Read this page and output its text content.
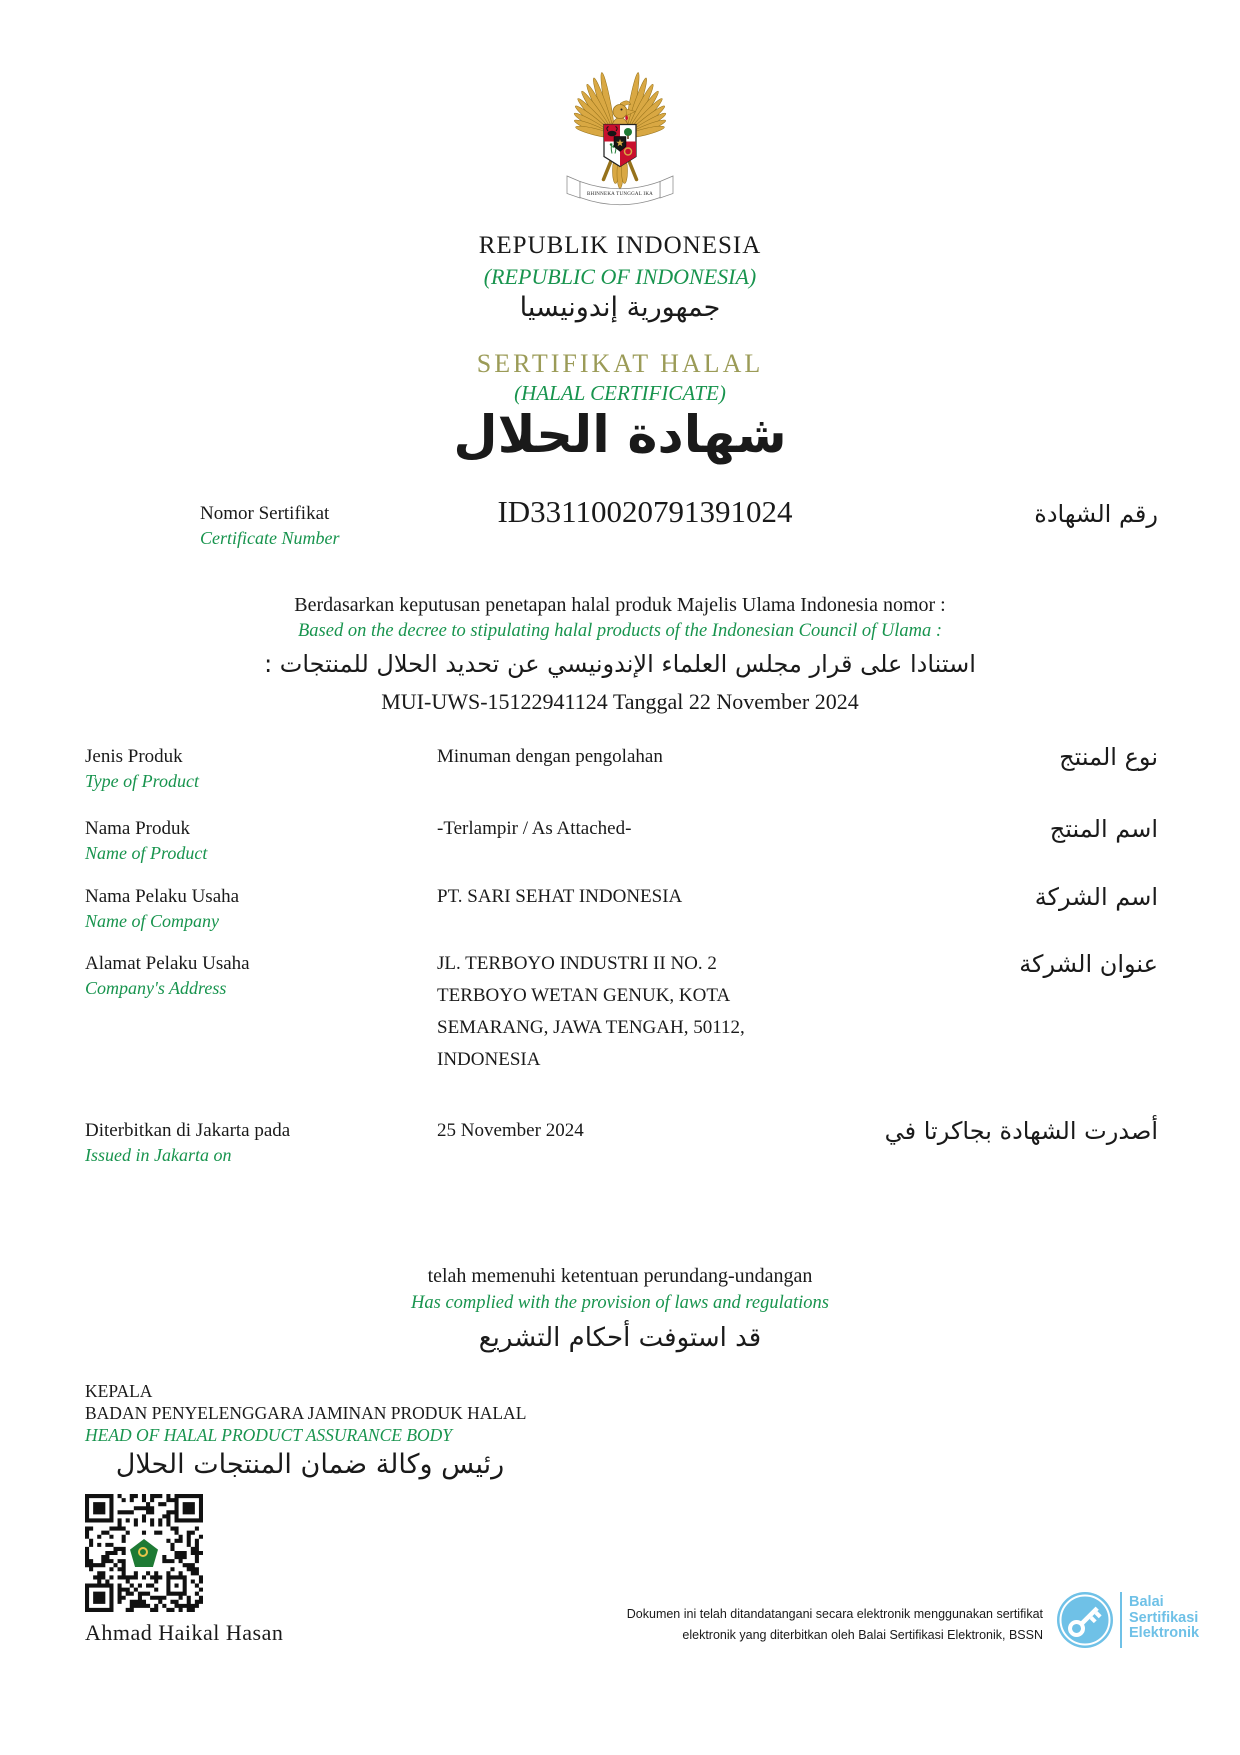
BHINNEKA TUNGGAL IKA
REPUBLIK INDONESIA
(REPUBLIC OF INDONESIA)
جمهورية إندونيسيا
SERTIFIKAT HALAL
(HALAL CERTIFICATE)
شهادة الحلال
Nomor Sertifikat
Certificate Number
ID33110020791391024	رقم الشهادة
Berdasarkan keputusan penetapan halal produk Majelis Ulama Indonesia nomor :
Based on the decree to stipulating halal products of the Indonesian Council of Ulama :
استنادا على قرار مجلس العلماء الإندونيسي عن تحديد الحلال للمنتجات :
MUI-UWS-15122941124 Tanggal 22 November 2024
Jenis Produk
Type of Product
Minuman dengan pengolahan	نوع المنتج
Nama Produk
Name of Product
-Terlampir / As Attached-	اسم المنتج
Nama Pelaku Usaha
Name of Company
PT. SARI SEHAT INDONESIA	اسم الشركة
Alamat Pelaku Usaha
Company's Address
JL. TERBOYO INDUSTRI II NO. 2 TERBOYO WETAN GENUK, KOTA SEMARANG, JAWA TENGAH, 50112, INDONESIA
عنوان الشركة
Diterbitkan di Jakarta pada
Issued in Jakarta on
25 November 2024	أصدرت الشهادة بجاكرتا في
telah memenuhi ketentuan perundang-undangan
Has complied with the provision of laws and regulations
قد استوفت أحكام التشريع
KEPALA
BADAN PENYELENGGARA JAMINAN PRODUK HALAL
HEAD OF HALAL PRODUCT ASSURANCE BODY
رئيس وكالة ضمان المنتجات الحلال
Ahmad Haikal Hasan
Dokumen ini telah ditandatangani secara elektronik menggunakan sertifikat
elektronik yang diterbitkan oleh Balai Sertifikasi Elektronik, BSSN
Balai
Sertifikasi
Elektronik
